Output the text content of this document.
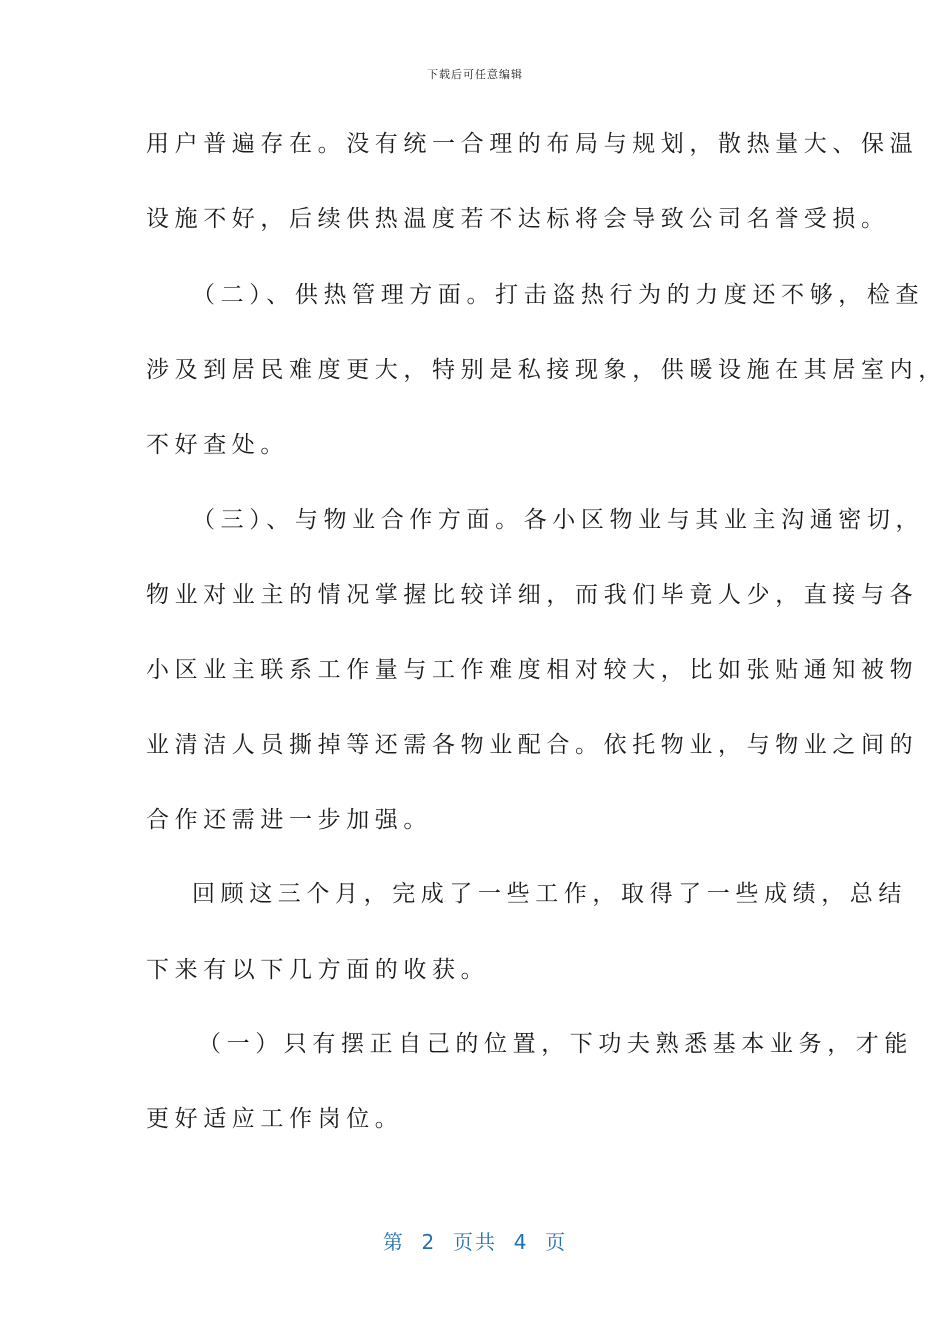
下载后可任意编辑
用户普遍存在。没有统一合理的布局与规划，散热量大、保温
设施不好，后续供热温度若不达标将会导致公司名誉受损。
（二）、供热管理方面。打击盗热行为的力度还不够，检查
涉及到居民难度更大，特别是私接现象，供暖设施在其居室内，
不好查处。
（三）、与物业合作方面。各小区物业与其业主沟通密切，
物业对业主的情况掌握比较详细，而我们毕竟人少，直接与各
小区业主联系工作量与工作难度相对较大，比如张贴通知被物
业清洁人员撕掉等还需各物业配合。依托物业，与物业之间的
合作还需进一步加强。
回顾这三个月，完成了一些工作，取得了一些成绩，总结
下来有以下几方面的收获。
（一）只有摆正自己的位置，下功夫熟悉基本业务，才能
更好适应工作岗位。
第  2  页共  4  页
